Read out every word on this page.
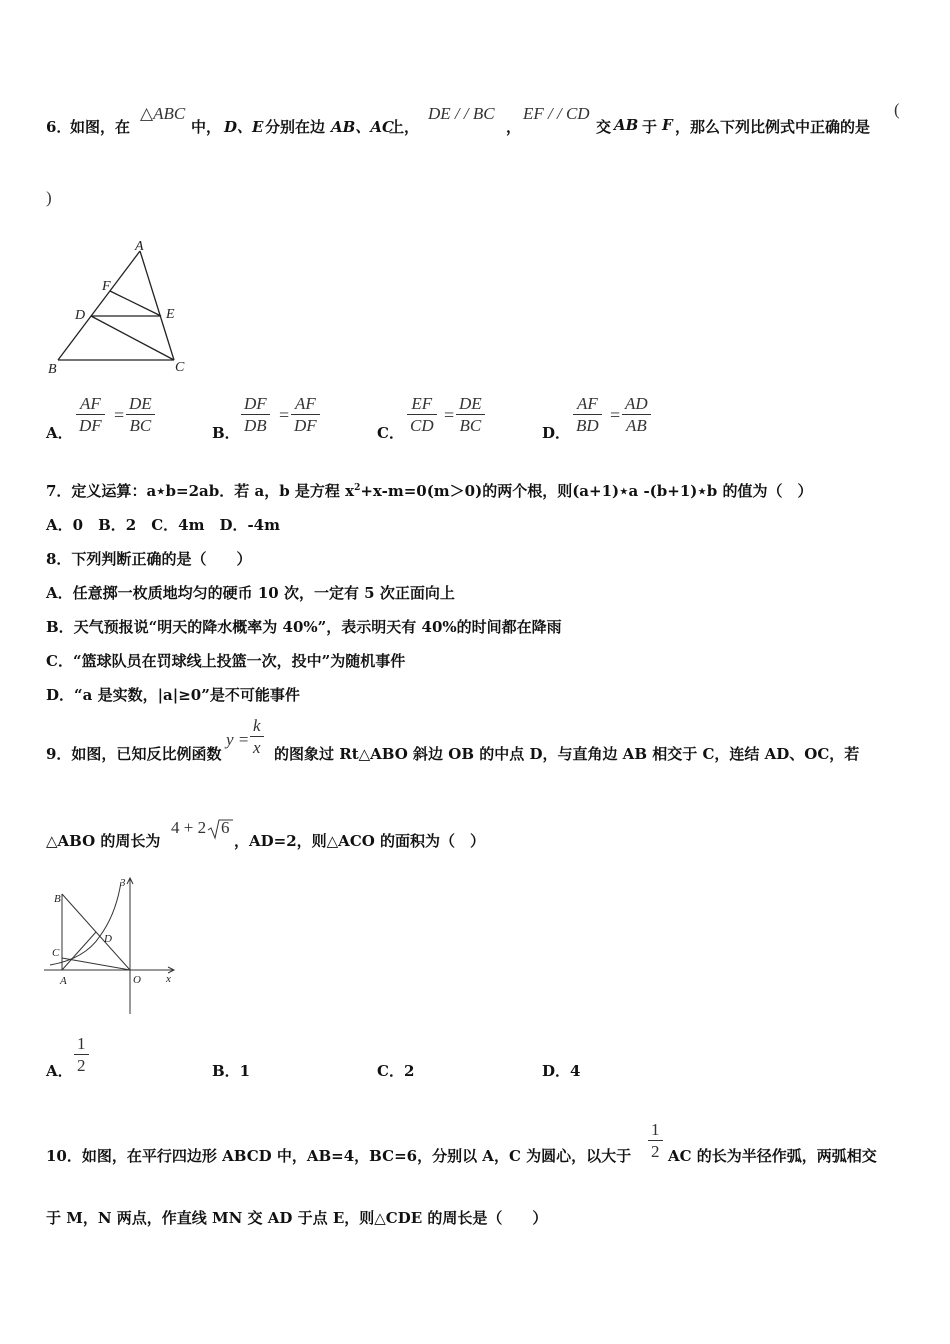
6．
如图，在
△ABC
中， D、E 分别在边 AB、AC
上，
DE / / BC
，
EF / / CD
交 AB 于 F ，那么下列比例式中正确的是
(
)
A
F
D	E
B	C
A． $\frac{AF}{DF} = \frac{DE}{BC}$	B． $\frac{DF}{DB} = \frac{AF}{DF}$	C． $\frac{EF}{CD} = \frac{DE}{BC}$	D． $\frac{AF}{BD} = \frac{AD}{AB}$
7．定义运算：a⋆b=2ab．若 a，b 是方程 $x^2+x-m=0(m>0)$的两个根，则(a+1)⋆a -(b+1)⋆b 的值为（　）
A．0　B．2　C．4m　D．-4m
8．下列判断正确的是（　　）
A．任意掷一枚质地均匀的硬币 10 次，一定有 5 次正面向上
B．天气预报说“明天的降水概率为 40%”，表示明天有 40%的时间都在降雨
C．“篮球队员在罚球线上投篮一次，投中”为随机事件
D．“a 是实数，|a|≥0”是不可能事件
9．如图，已知反比例函数
$y = \frac{k}{x}$ 的图象过 Rt△ABO 斜边 OB 的中点 D，与直角边 AB 相交于 C，连结 AD、OC，若
△ABO 的周长为
4 + 2 6
，AD=2，则△ACO 的面积为（　）
B
C
D
A	O x
3
A． $\frac{1}{2}$	B．1	C．2	D．4
10．如图，在平行四边形 ABCD 中，AB=4，BC=6，分别以 A，C 为圆心，以大于 $\frac{1}{2}$ AC 的长为半径作弧，两弧相交
于 M，N 两点，作直线 MN 交 AD 于点 E，则△CDE 的周长是（　　）
